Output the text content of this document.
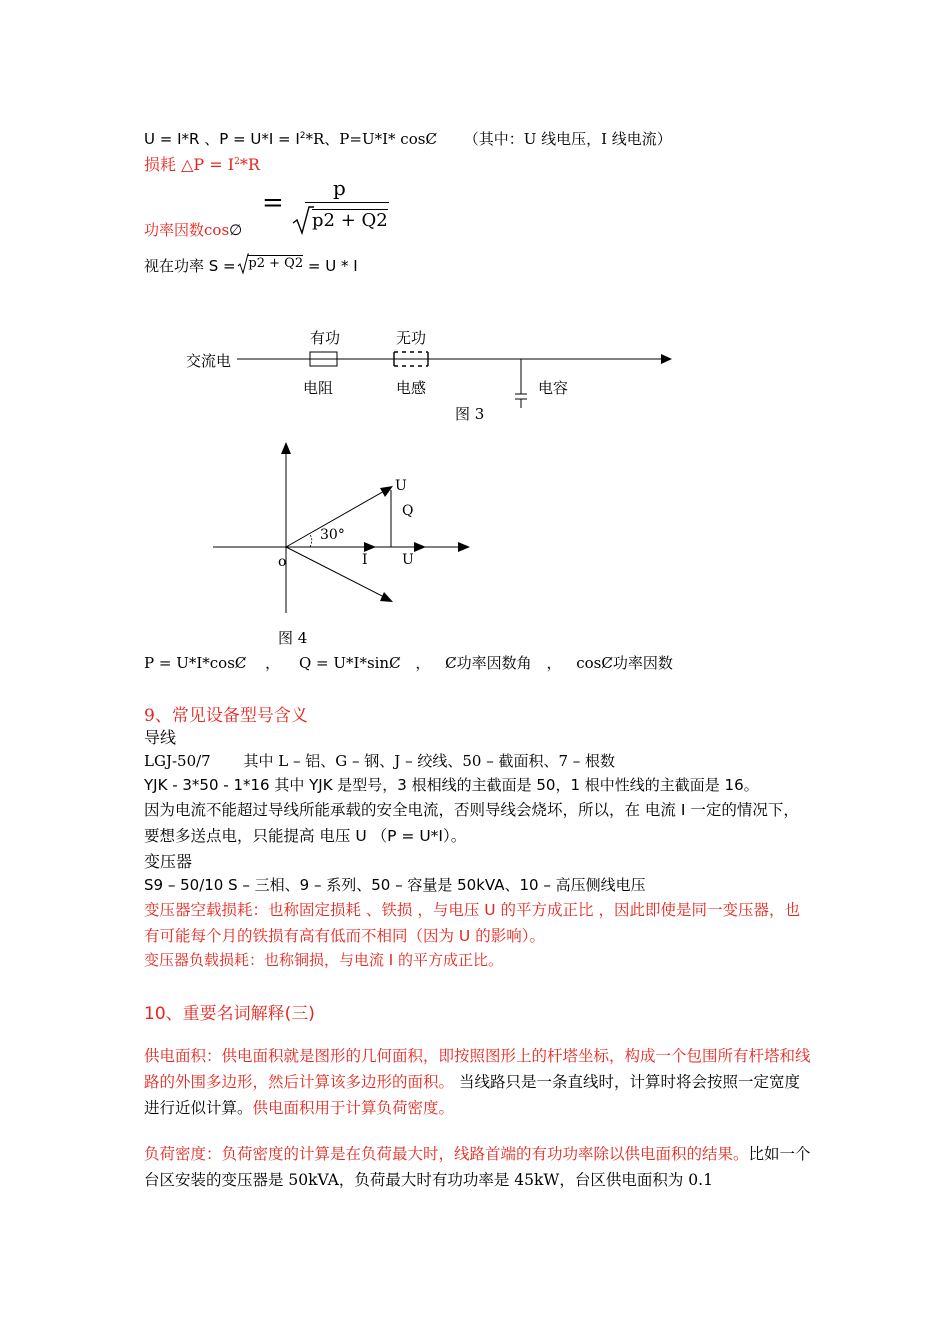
U = I*R 、$P = U*I = I^2*R$、P=U*I* cosȻ （其中：U 线电压，I 线电流）
损耗 △P = $I^2*R$
= p
p2 + Q2
功率因数cos∅
视在功率 S = p2 + Q2 = U * I
交流电
有功
电阻
无功
电感	电容
图 3
U
Q
30°
o	I U
图 4
P = U*I*cosȻ ， Q = U*I*sinȻ ， Ȼ功率因数角 ， cosȻ功率因数
9、常见设备型号含义
导线
LGJ-50/7 其中 L – 铝、G – 钢、J – 绞线、50 – 截面积、7 – 根数
YJK - 3*50 - 1*16 其中 YJK 是型号，3 根相线的主截面是 50，1 根中性线的主截面是 16。
因为电流不能超过导线所能承载的安全电流，否则导线会烧坏，所以，在 电流 I 一定的情况下，要想多送点电，只能提高 电压 U （P = U*I）。
变压器
S9 – 50/10 S – 三相、9 – 系列、50 – 容量是 50kVA、10 – 高压侧线电压
变压器空载损耗：也称固定损耗 、铁损 ，与电压 U 的平方成正比 ，因此即使是同一变压器，也有可能每个月的铁损有高有低而不相同（因为 U 的影响）。
变压器负载损耗：也称铜损，与电流 I 的平方成正比。
10、重要名词解释(三)
供电面积：供电面积就是图形的几何面积，即按照图形上的杆塔坐标，构成一个包围所有杆塔和线路的外围多边形，然后计算该多边形的面积。 当线路只是一条直线时，计算时将会按照一定宽度进行近似计算。供电面积用于计算负荷密度。
负荷密度：负荷密度的计算是在负荷最大时，线路首端的有功功率除以供电面积的结果。比如一个台区安装的变压器是 50kVA，负荷最大时有功功率是 45kW，台区供电面积为 0.1
